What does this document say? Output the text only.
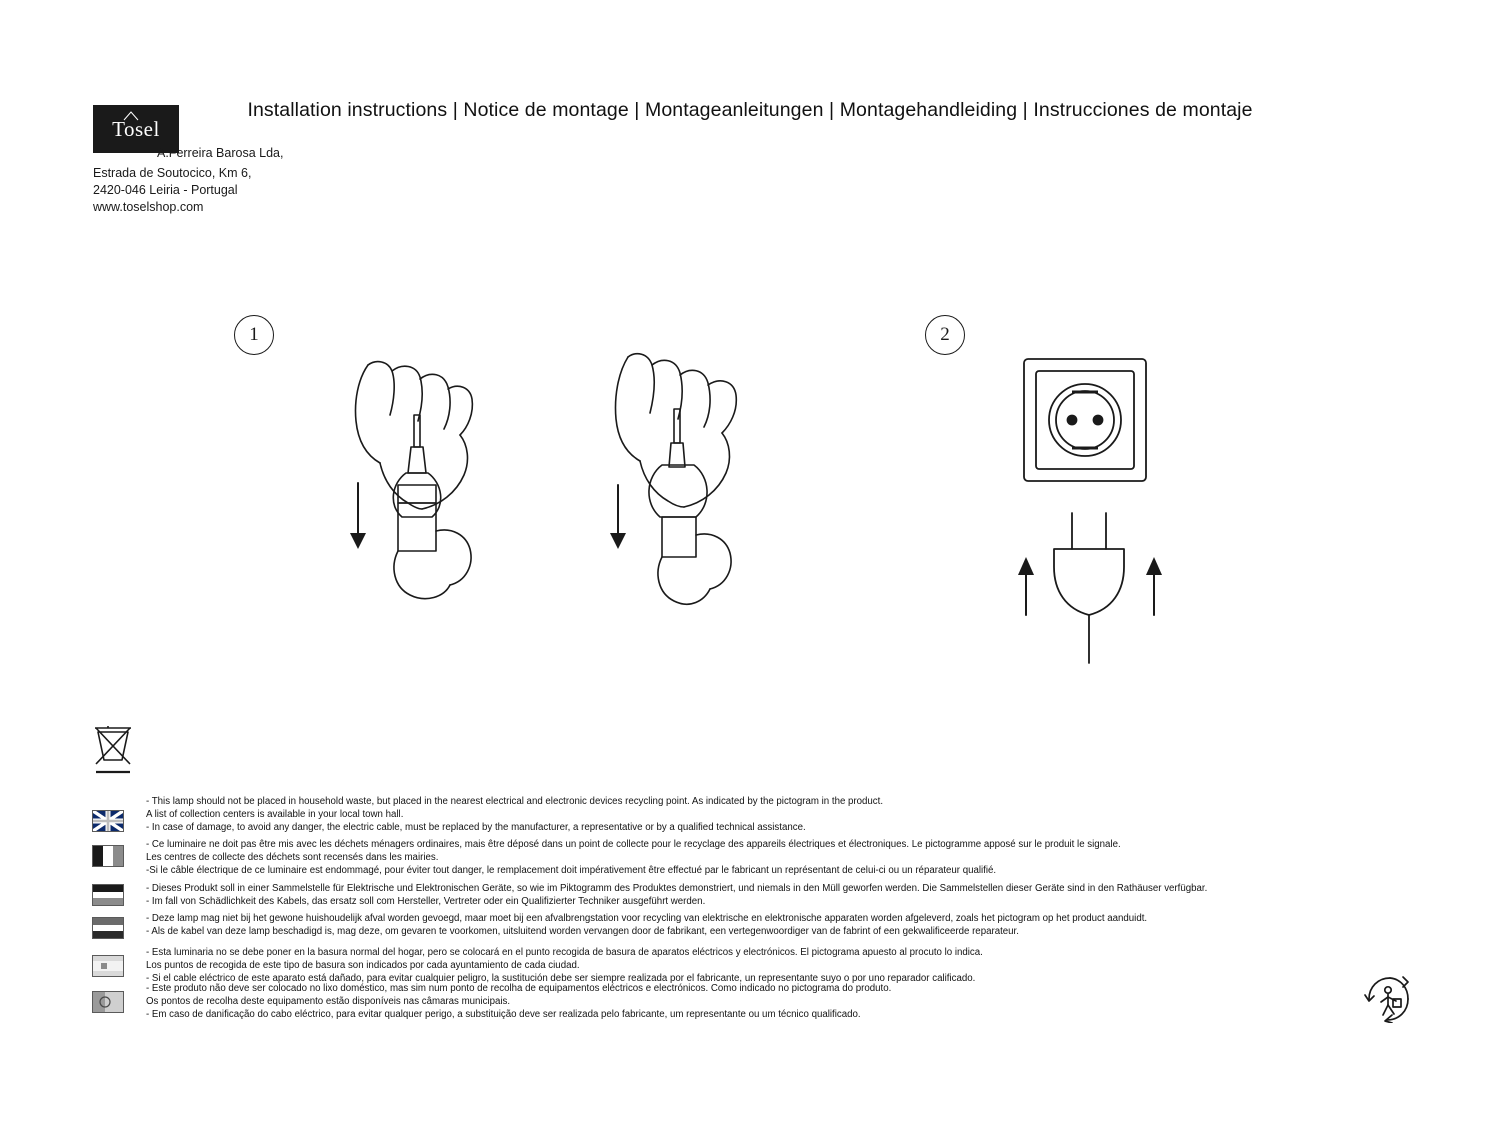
Installation instructions | Notice de montage | Montageanleitungen | Montagehandleiding | Instrucciones de montaje
Tosel
A.Ferreira Barosa Lda,
Estrada de Soutocico, Km 6,
2420-046 Leiria - Portugal
www.toselshop.com
1	2
- This lamp should not be placed in household waste, but placed in the nearest electrical and electronic devices recycling point. As indicated by the pictogram in the product.
A list of collection centers is available in your local town hall.
- In case of damage, to avoid any danger, the electric cable, must be replaced by the manufacturer, a representative or by a qualified technical assistance.
- Ce luminaire ne doit pas être mis avec les déchets ménagers ordinaires, mais être déposé dans un point de collecte pour le recyclage des appareils électriques et électroniques. Le pictogramme apposé sur le produit le signale.
Les centres de collecte des déchets sont recensés dans les mairies.
-Si le câble électrique de ce luminaire est endommagé, pour éviter tout danger, le remplacement doit impérativement être effectué par le fabricant un représentant de celui-ci ou un réparateur qualifié.
- Dieses Produkt soll in einer Sammelstelle für Elektrische und Elektronischen Geräte, so wie im Piktogramm des Produktes demonstriert, und niemals in den Müll geworfen werden. Die Sammelstellen dieser Geräte sind in den Rathäuser verfügbar.
- Im fall von Schädlichkeit des Kabels, das ersatz soll com Hersteller, Vertreter oder ein Qualifizierter Techniker ausgeführt werden.
- Deze lamp mag niet bij het gewone huishoudelijk afval worden gevoegd, maar moet bij een afvalbrengstation voor recycling van elektrische en elektronische apparaten worden afgeleverd, zoals het pictogram op het product aanduidt.
- Als de kabel van deze lamp beschadigd is, mag deze, om gevaren te voorkomen, uitsluitend worden vervangen door de fabrikant, een vertegenwoordiger van de fabrint of een gekwalificeerde reparateur.
- Esta luminaria no se debe poner en la basura normal del hogar, pero se colocará en el punto recogida de basura de aparatos eléctricos y electrónicos. El pictograma apuesto al procuto lo indica.
Los puntos de recogida de este tipo de basura son indicados por cada ayuntamiento de cada ciudad.
- Si el cable eléctrico de este aparato está dañado, para evitar cualquier peligro, la sustitución debe ser siempre realizada por el fabricante, un representante suyo o por uno reparador calificado.
- Este produto não deve ser colocado no lixo doméstico, mas sim num ponto de recolha de equipamentos eléctricos e electrónicos. Como indicado no pictograma do produto.
Os pontos de recolha deste equipamento estão disponíveis nas câmaras municipais.
- Em caso de danificação do cabo eléctrico, para evitar qualquer perigo, a substituição deve ser realizada pelo fabricante, um representante ou um técnico qualificado.
